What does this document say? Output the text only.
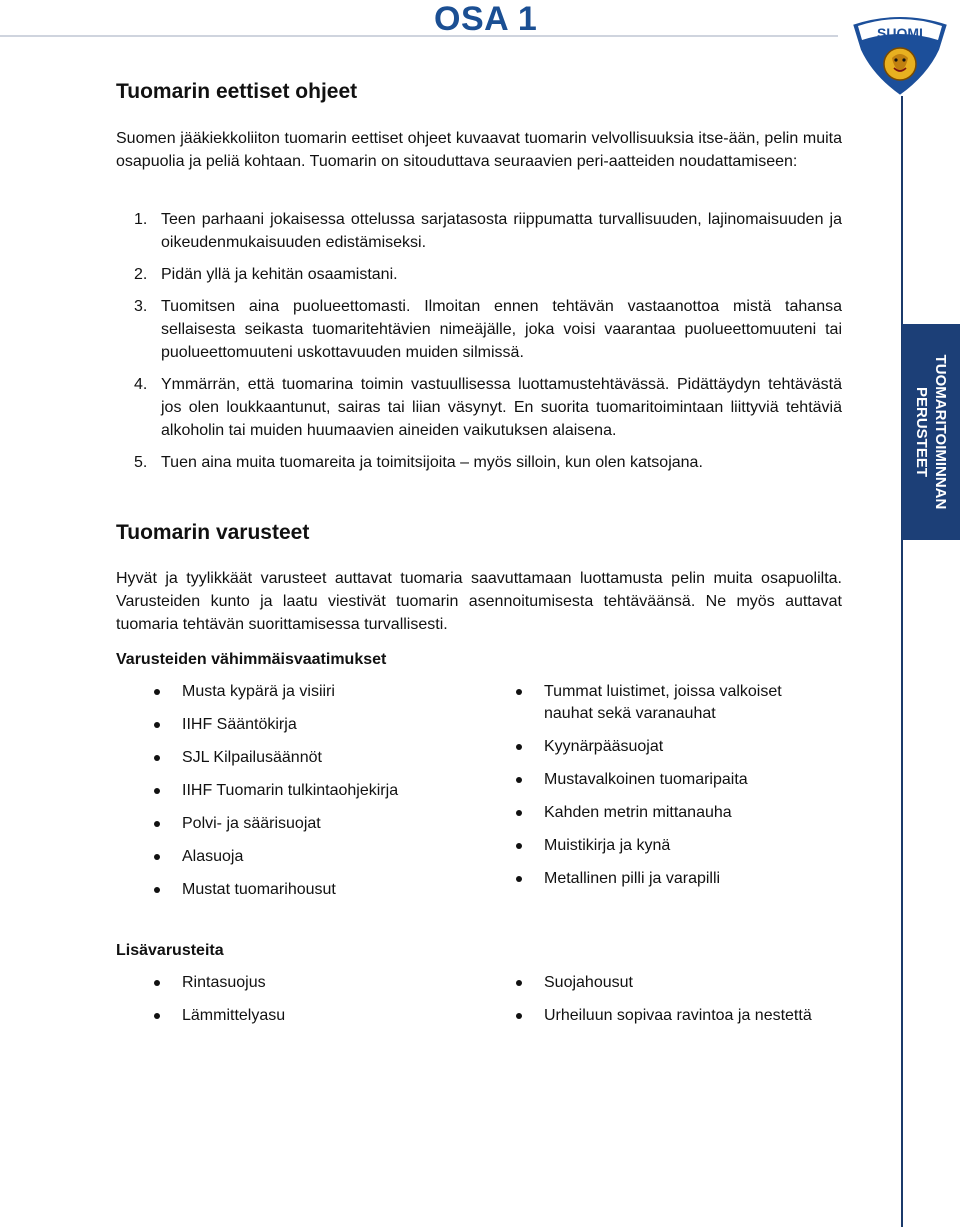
OSA 1	SUOMI
TUOMARITOIMINNAN
PERUSTEET
Tuomarin eettiset ohjeet

Suomen jääkiekkoliiton tuomarin eettiset ohjeet kuvaavat tuomarin velvollisuuksia itse-ään, pelin muita osapuolia ja peliä kohtaan. Tuomarin on sitouduttava seuraavien peri-aatteiden noudattamiseen:

1. Teen parhaani jokaisessa ottelussa sarjatasosta riippumatta turvallisuuden, lajinomaisuuden ja oikeudenmukaisuuden edistämiseksi.
2. Pidän yllä ja kehitän osaamistani.
3. Tuomitsen aina puolueettomasti. Ilmoitan ennen tehtävän vastaanottoa mistä tahansa sellaisesta seikasta tuomaritehtävien nimeäjälle, joka voisi vaarantaa puolueettomuuteni tai puolueettomuuteni uskottavuuden muiden silmissä.
4. Ymmärrän, että tuomarina toimin vastuullisessa luottamustehtävässä. Pidättäydyn tehtävästä jos olen loukkaantunut, sairas tai liian väsynyt. En suorita tuomaritoimintaan liittyviä tehtäviä alkoholin tai muiden huumaavien aineiden vaikutuksen alaisena.
5. Tuen aina muita tuomareita ja toimitsijoita – myös silloin, kun olen katsojana.
Tuomarin varusteet

Hyvät ja tyylikkäät varusteet auttavat tuomaria saavuttamaan luottamusta pelin muita osapuolilta. Varusteiden kunto ja laatu viestivät tuomarin asennoitumisesta tehtäväänsä. Ne myös auttavat tuomaria tehtävän suorittamisessa turvallisesti.

Varusteiden vähimmäisvaatimukset
Musta kypärä ja visiiri
IIHF Sääntökirja
SJL Kilpailusäännöt
IIHF Tuomarin tulkintaohjekirja
Polvi- ja säärisuojat
Alasuoja
Mustat tuomarihousut
Tummat luistimet, joissa valkoiset nauhat sekä varanauhat
Kyynärpääsuojat
Mustavalkoinen tuomaripaita
Kahden metrin mittanauha
Muistikirja ja kynä
Metallinen pilli ja varapilli
Lisävarusteita
Rintasuojus
Lämmittelyasu
Suojahousut
Urheiluun sopivaa ravintoa ja nestettä
